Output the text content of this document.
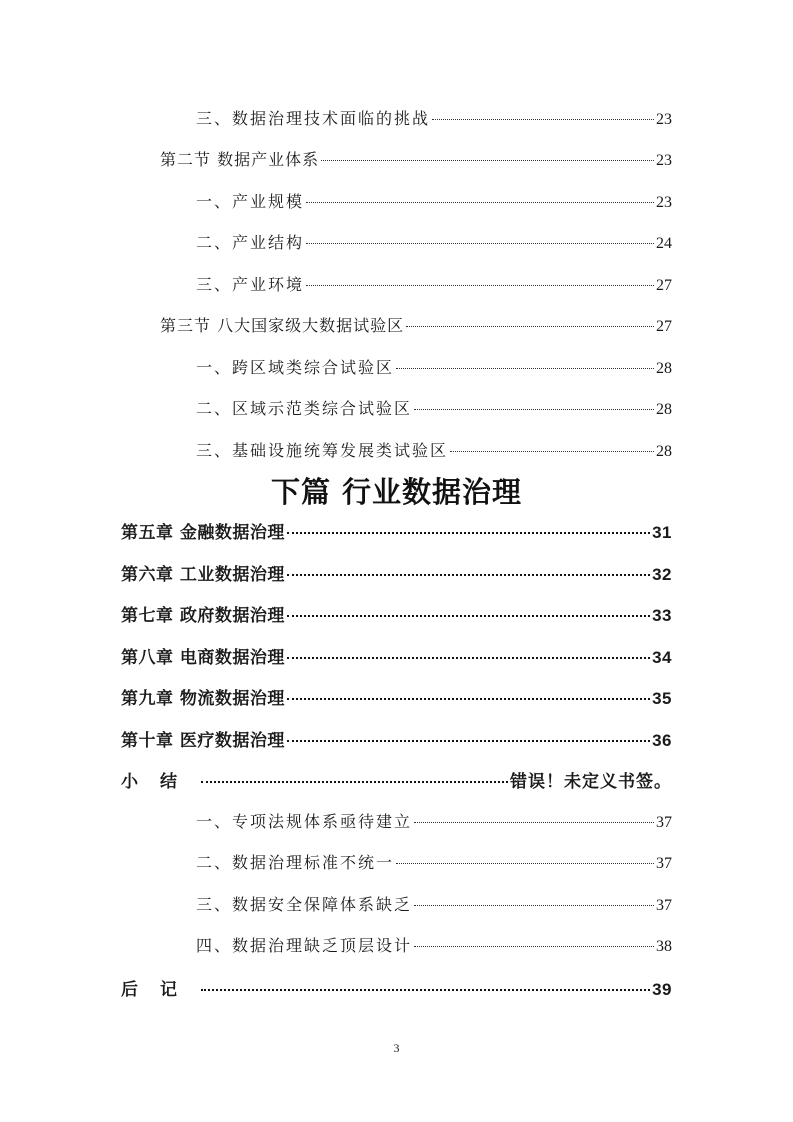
三、数据治理技术面临的挑战	23
第二节 数据产业体系	23
一、产业规模	23
二、产业结构	24
三、产业环境	27
第三节 八大国家级大数据试验区	27
一、跨区域类综合试验区	28
二、区域示范类综合试验区	28
三、基础设施统筹发展类试验区	28
下篇 行业数据治理
第五章 金融数据治理	31
第六章 工业数据治理	32
第七章 政府数据治理	33
第八章 电商数据治理	34
第九章 物流数据治理	35
第十章 医疗数据治理	36
小结	错误！未定义书签。
一、专项法规体系亟待建立	37
二、数据治理标准不统一	37
三、数据安全保障体系缺乏	37
四、数据治理缺乏顶层设计	38
后记	39
3
